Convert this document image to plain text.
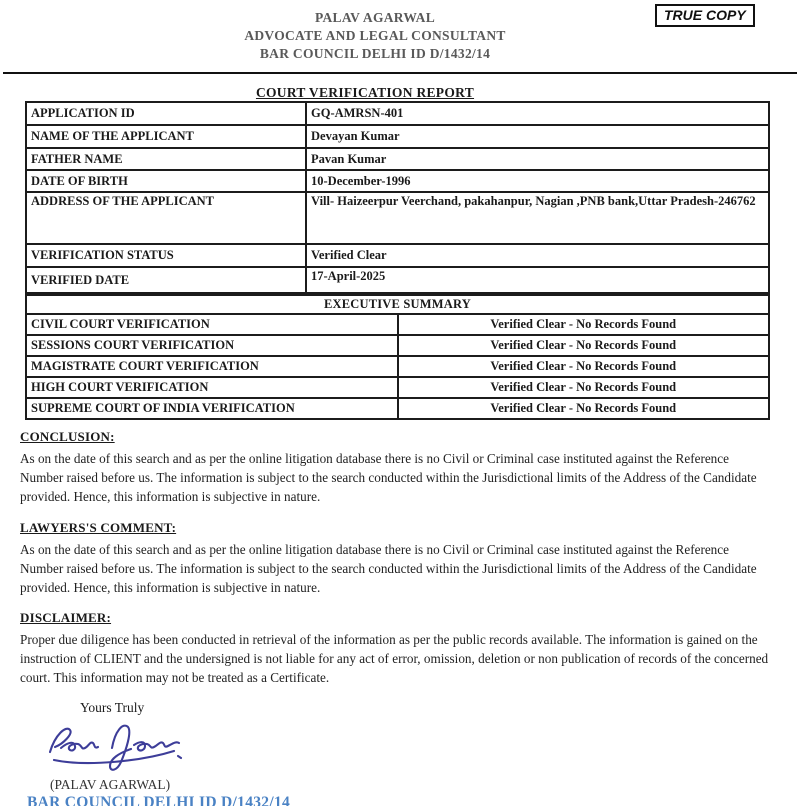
PALAV AGARWAL
ADVOCATE AND LEGAL CONSULTANT
BAR COUNCIL DELHI ID D/1432/14
TRUE COPY
COURT VERIFICATION REPORT
APPLICATION ID	GQ-AMRSN-401
NAME OF THE APPLICANT	Devayan Kumar
FATHER NAME	Pavan Kumar
DATE OF BIRTH	10-December-1996
ADDRESS OF THE APPLICANT	Vill- Haizeerpur Veerchand, pakahanpur, Nagian ,PNB bank,Uttar Pradesh-246762
VERIFICATION STATUS	Verified Clear
VERIFIED DATE	17-April-2025
EXECUTIVE SUMMARY	
CIVIL COURT VERIFICATION	Verified Clear - No Records Found
SESSIONS COURT VERIFICATION	Verified Clear - No Records Found
MAGISTRATE COURT VERIFICATION	Verified Clear - No Records Found
HIGH COURT VERIFICATION	Verified Clear - No Records Found
SUPREME COURT OF INDIA VERIFICATION	Verified Clear - No Records Found
CONCLUSION:

As on the date of this search and as per the online litigation database there is no Civil or Criminal case instituted against the Reference Number raised before us. The information is subject to the search conducted within the Jurisdictional limits of the Address of the Candidate provided. Hence, this information is subjective in nature.

LAWYERS'S COMMENT:

As on the date of this search and as per the online litigation database there is no Civil or Criminal case instituted against the Reference Number raised before us. The information is subject to the search conducted within the Jurisdictional limits of the Address of the Candidate provided. Hence, this information is subjective in nature.

DISCLAIMER:

Proper due diligence has been conducted in retrieval of the information as per the public records available. The information is gained on the instruction of CLIENT and the undersigned is not liable for any act of error, omission, deletion or non publication of records of the concerned court. This information may not be treated as a Certificate.

Yours Truly
(PALAV AGARWAL)
BAR COUNCIL DELHI ID D/1432/14
